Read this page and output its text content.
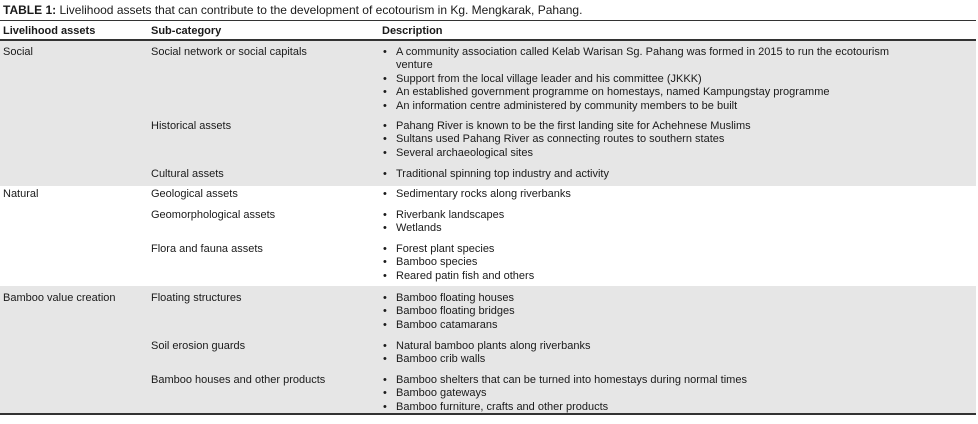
TABLE 1: Livelihood assets that can contribute to the development of ecotourism in Kg. Mengkarak, Pahang.
Livelihood assets	Sub-category	Description
Social	Social network or social capitals	• A community association called Kelab Warisan Sg. Pahang was formed in 2015 to run the ecotourism
venture
• Support from the local village leader and his committee (JKKK)
• An established government programme on homestays, named Kampungstay programme
• An information centre administered by community members to be built
Historical assets	• Pahang River is known to be the first landing site for Achehnese Muslims
• Sultans used Pahang River as connecting routes to southern states
• Several archaeological sites
Cultural assets	• Traditional spinning top industry and activity
Natural	Geological assets	• Sedimentary rocks along riverbanks
Geomorphological assets	• Riverbank landscapes
• Wetlands
Flora and fauna assets	• Forest plant species
• Bamboo species
• Reared patin fish and others
Bamboo value creation	Floating structures	• Bamboo floating houses
• Bamboo floating bridges
• Bamboo catamarans
Soil erosion guards	• Natural bamboo plants along riverbanks
• Bamboo crib walls
Bamboo houses and other products	• Bamboo shelters that can be turned into homestays during normal times
• Bamboo gateways
• Bamboo furniture, crafts and other products
